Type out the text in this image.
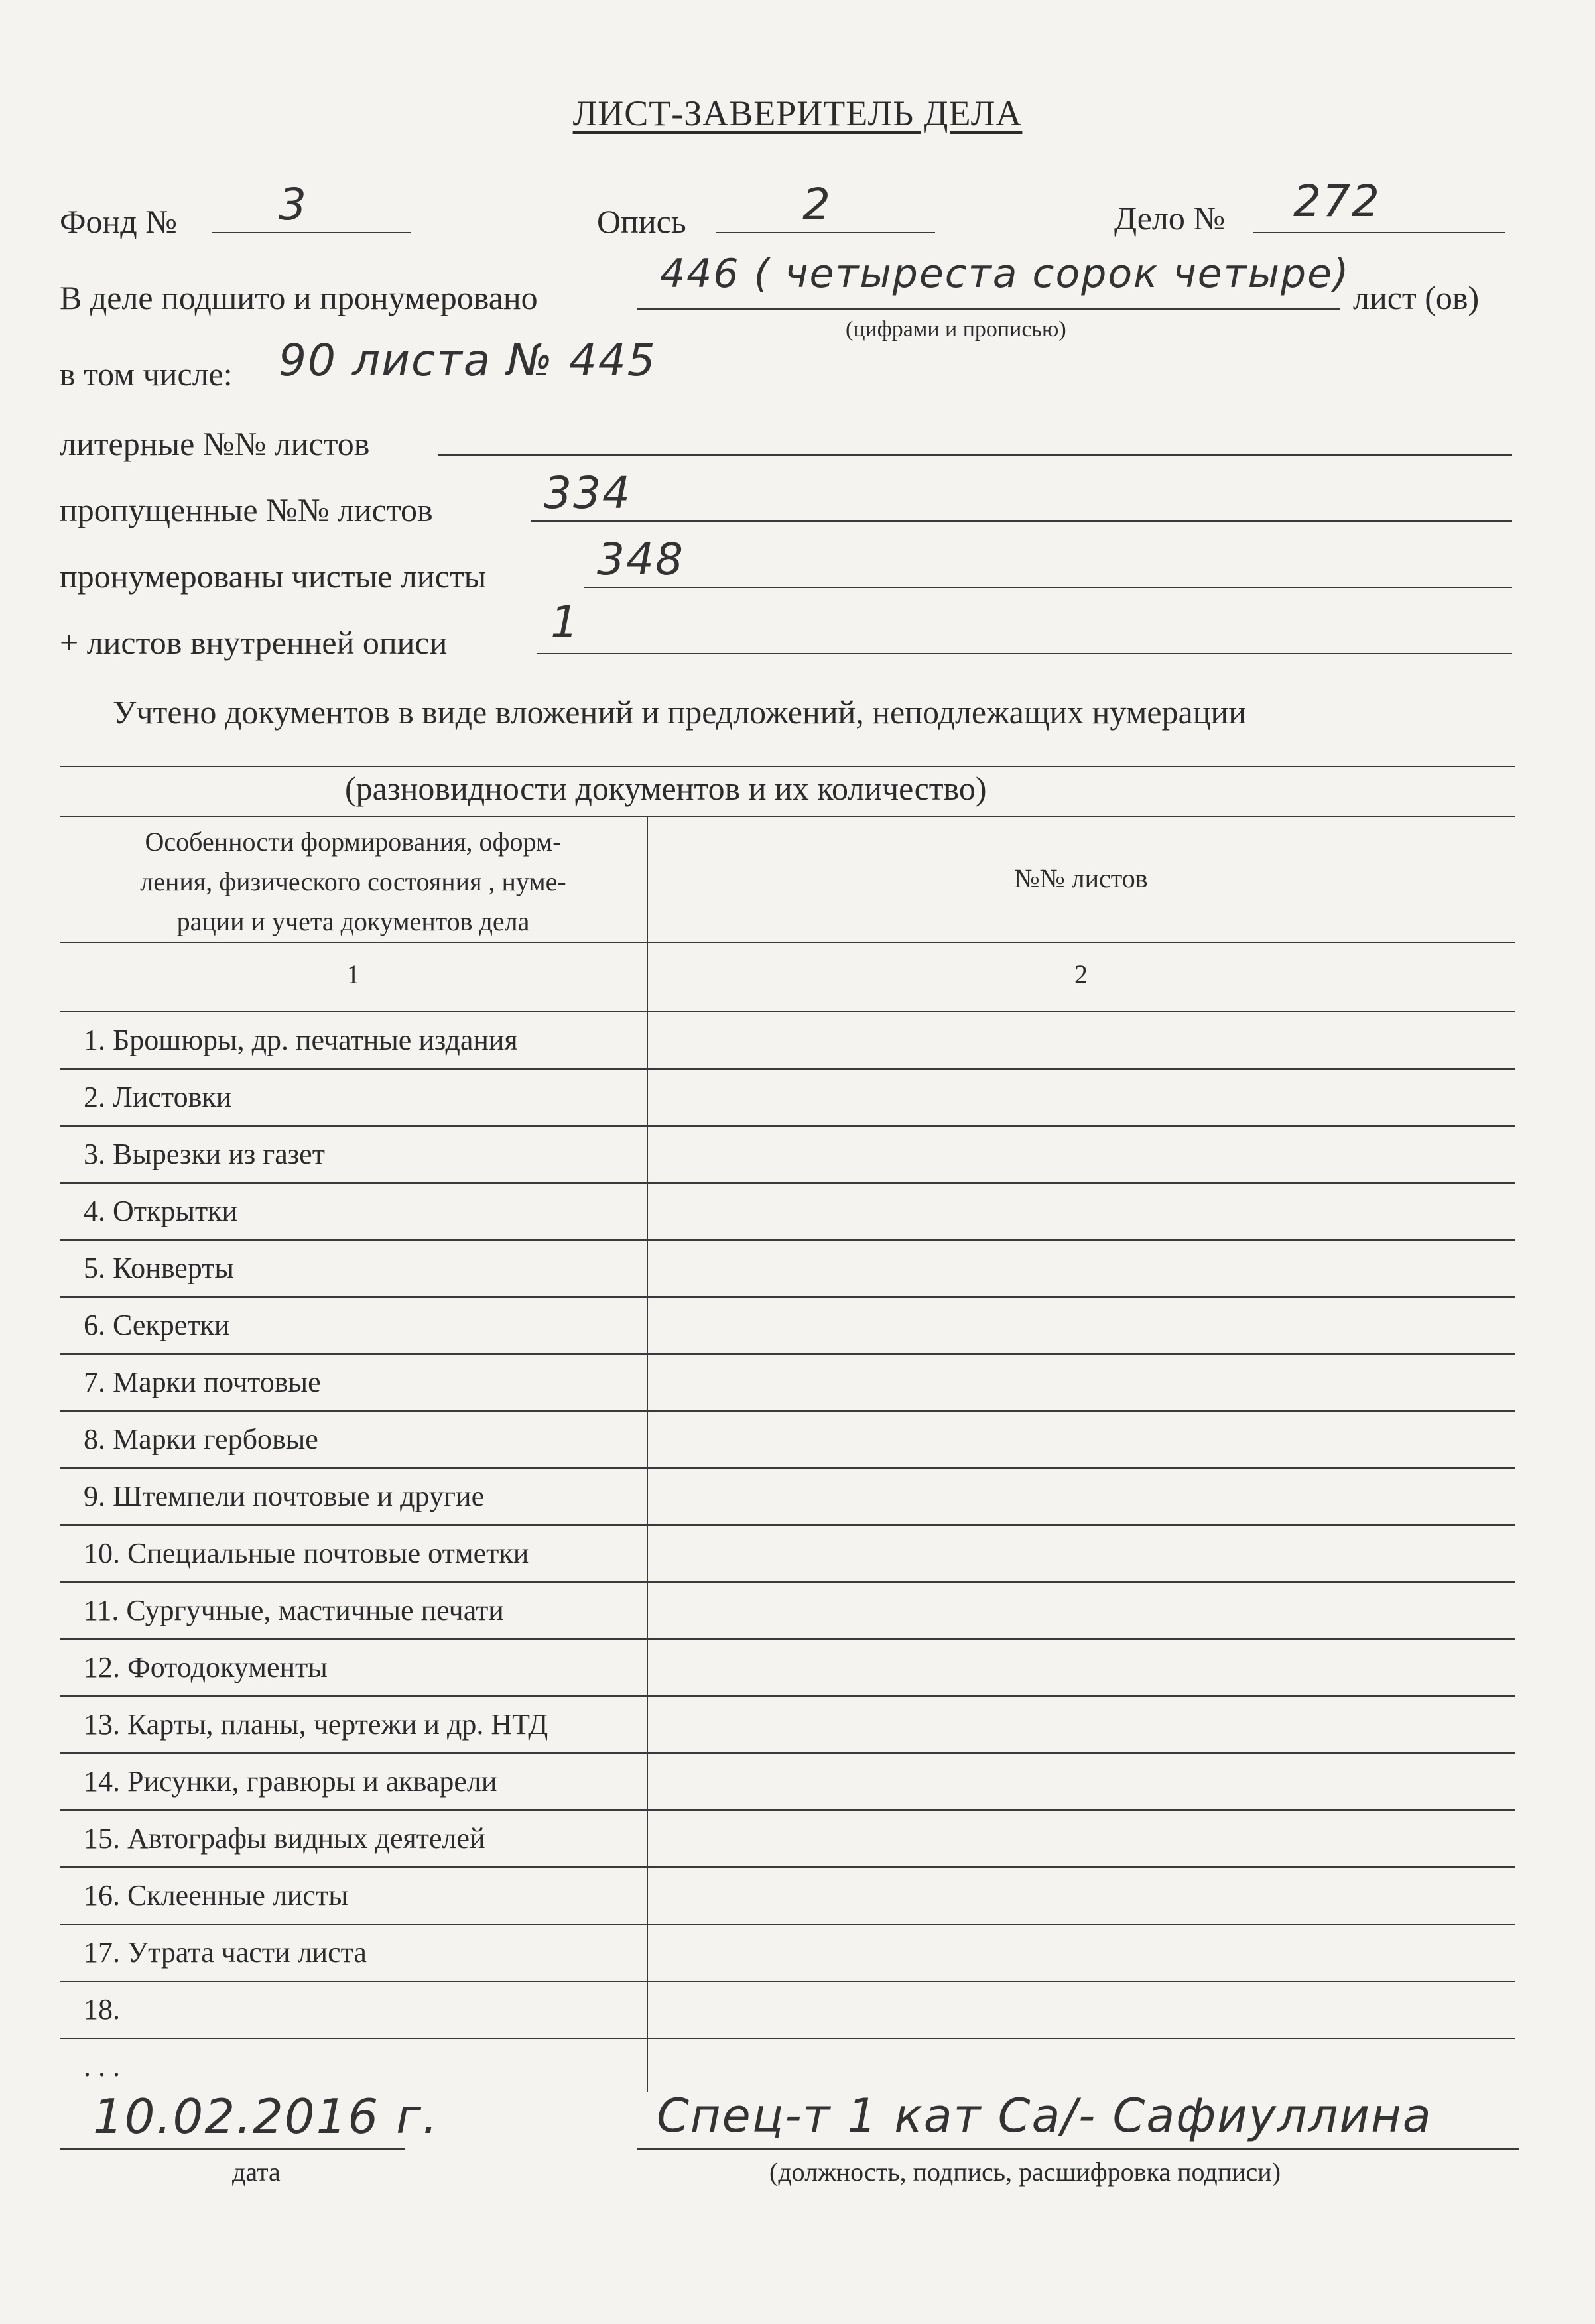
ЛИСТ-ЗАВЕРИТЕЛЬ ДЕЛА
Фонд № 3	Опись	2	Дело № 272
В деле подшито и пронумеровано
446 ( четыреста сорок четыре)
лист (ов)
(цифрами и прописью)
в том числе: 90 листа № 445
литерные №№ листов
пропущенные №№ листов	334
пронумерованы чистые листы	348
+ листов внутренней описи 1
Учтено документов в виде вложений и предложений, неподлежащих нумерации
(разновидности документов и их количество)
Особенности формирования, оформ-
ления, физического состояния , нуме-
рации и учета документов дела
№№ листов
1	2
1. Брошюры, др. печатные издания
2. Листовки
3. Вырезки из газет
4. Открытки
5. Конверты
6. Секретки
7. Марки почтовые
8. Марки гербовые
9. Штемпели почтовые и другие
10. Специальные почтовые отметки
11. Сургучные, мастичные печати
12. Фотодокументы
13. Карты, планы, чертежи и др. НТД
14. Рисунки, гравюры и акварели
15. Автографы видных деятелей
16. Склеенные листы
17. Утрата части листа
18.
. . .
10.02.2016 г.
дата
Спец-т 1 кат Са/- Сафиуллина
(должность, подпись, расшифровка подписи)
